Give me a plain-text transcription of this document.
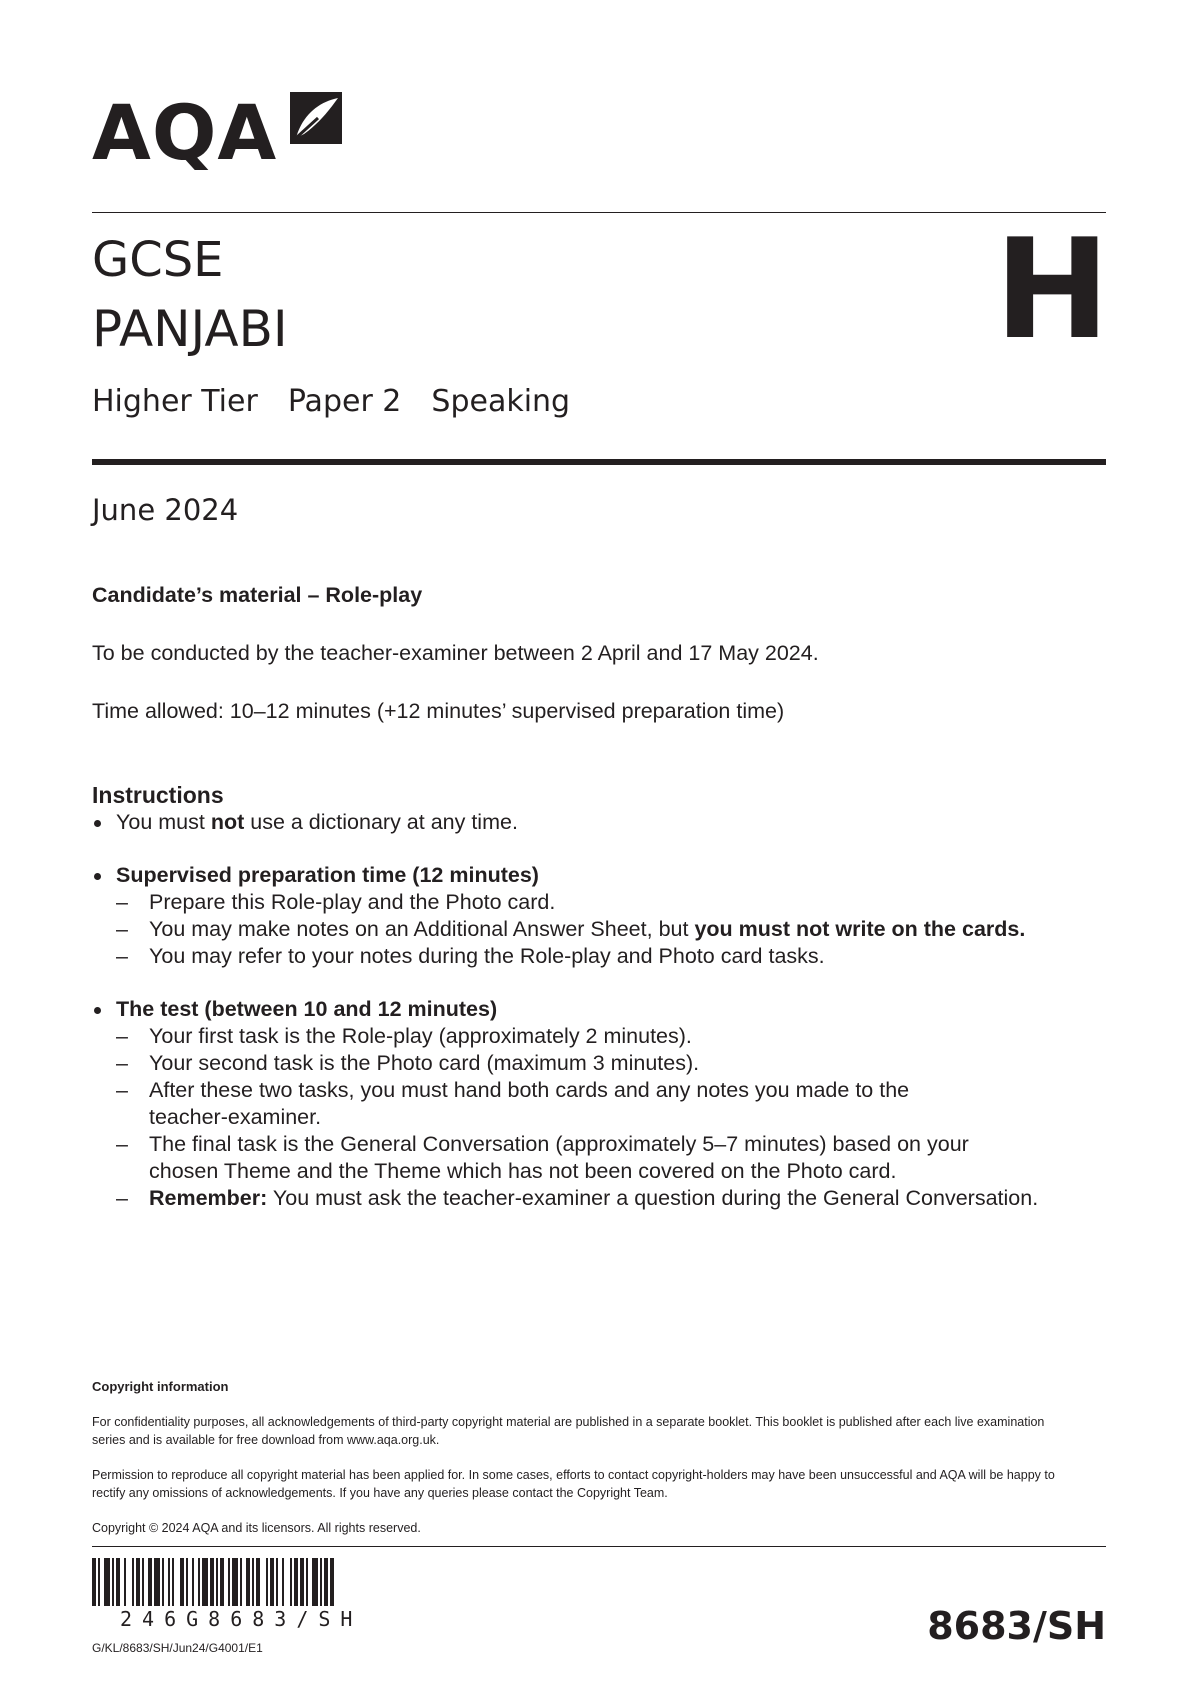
AQA
GCSE
PANJABI	H
Higher Tier Paper 2 Speaking
June 2024
Candidate’s material – Role-play
To be conducted by the teacher-examiner between 2 April and 17 May 2024.
Time allowed: 10–12 minutes (+12 minutes’ supervised preparation time)
Instructions
You must not use a dictionary at any time.
Supervised preparation time (12 minutes)
– Prepare this Role-play and the Photo card.
– You may make notes on an Additional Answer Sheet, but you must not write on the cards.
– You may refer to your notes during the Role-play and Photo card tasks.
The test (between 10 and 12 minutes)
– Your first task is the Role-play (approximately 2 minutes).
– Your second task is the Photo card (maximum 3 minutes).
– After these two tasks, you must hand both cards and any notes you made to the teacher-examiner.
– The final task is the General Conversation (approximately 5–7 minutes) based on your chosen Theme and the Theme which has not been covered on the Photo card.
– Remember: You must ask the teacher-examiner a question during the General Conversation.
Copyright information
For confidentiality purposes, all acknowledgements of third-party copyright material are published in a separate booklet. This booklet is published after each live examination series and is available for free download from www.aqa.org.uk.
Permission to reproduce all copyright material has been applied for. In some cases, efforts to contact copyright-holders may have been unsuccessful and AQA will be happy to rectify any omissions of acknowledgements. If you have any queries please contact the Copyright Team.
Copyright © 2024 AQA and its licensors. All rights reserved.
246G8683/SH
G/KL/8683/SH/Jun24/G4001/E1	8683/SH
